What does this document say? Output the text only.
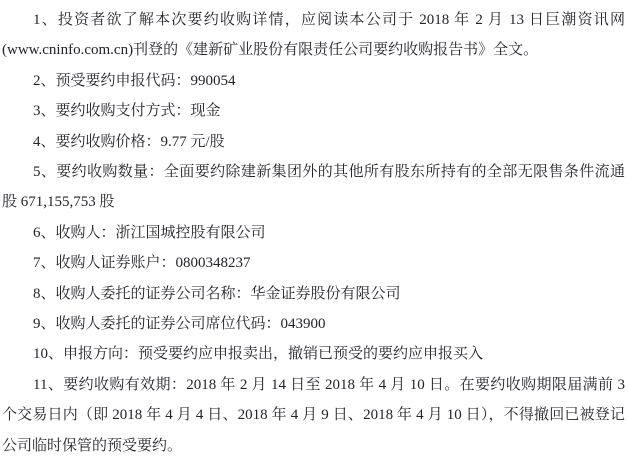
1、投资者欲了解本次要约收购详情，应阅读本公司于 2018 年 2 月 13 日巨潮资讯网(www.cninfo.com.cn)刊登的《建新矿业股份有限责任公司要约收购报告书》全文。

2、预受要约申报代码：990054

3、要约收购支付方式：现金

4、要约收购价格：9.77 元/股

5、要约收购数量：全面要约除建新集团外的其他所有股东所持有的全部无限售条件流通股 671,155,753 股

6、收购人：浙江国城控股有限公司

7、收购人证券账户：0800348237

8、收购人委托的证券公司名称：华金证券股份有限公司

9、收购人委托的证券公司席位代码：043900

10、申报方向：预受要约应申报卖出，撤销已预受的要约应申报买入

11、要约收购有效期：2018 年 2 月 14 日至 2018 年 4 月 10 日。在要约收购期限届满前 3 个交易日内（即 2018 年 4 月 4 日、2018 年 4 月 9 日、2018 年 4 月 10 日），不得撤回已被登记公司临时保管的预受要约。
